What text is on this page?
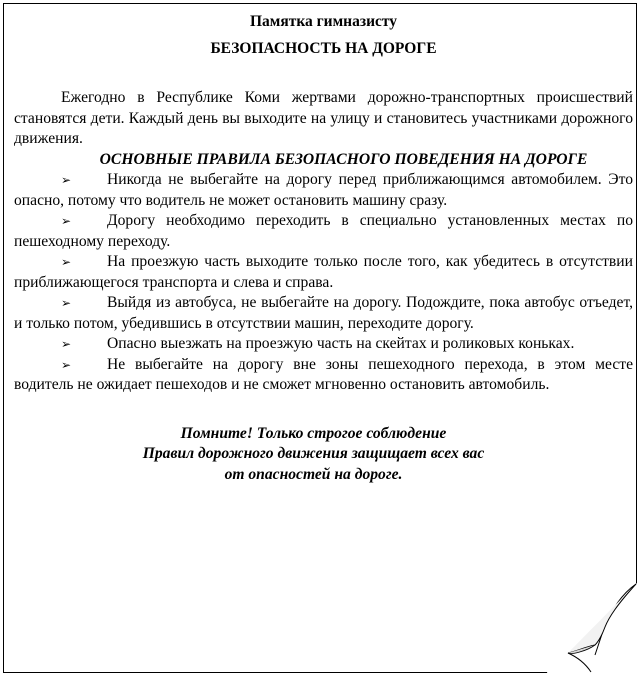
Памятка гимназисту
БЕЗОПАСНОСТЬ НА ДОРОГЕ

Ежегодно в Республике Коми жертвами дорожно-транспортных происшествий становятся дети. Каждый день вы выходите на улицу и становитесь участниками дорожного движения.

ОСНОВНЫЕ ПРАВИЛА БЕЗОПАСНОГО ПОВЕДЕНИЯ НА ДОРОГЕ
➢ Никогда не выбегайте на дорогу перед приближающимся автомобилем. Это опасно, потому что водитель не может остановить машину сразу.
➢ Дорогу необходимо переходить в специально установленных местах по пешеходному переходу.
➢ На проезжую часть выходите только после того, как убедитесь в отсутствии приближающегося транспорта и слева и справа.
➢ Выйдя из автобуса, не выбегайте на дорогу. Подождите, пока автобус отъедет, и только потом, убедившись в отсутствии машин, переходите дорогу.
➢ Опасно выезжать на проезжую часть на скейтах и роликовых коньках.
➢ Не выбегайте на дорогу вне зоны пешеходного перехода, в этом месте водитель не ожидает пешеходов и не сможет мгновенно остановить автомобиль.
Помните! Только строгое соблюдение
Правил дорожного движения защищает всех вас
от опасностей на дороге.
